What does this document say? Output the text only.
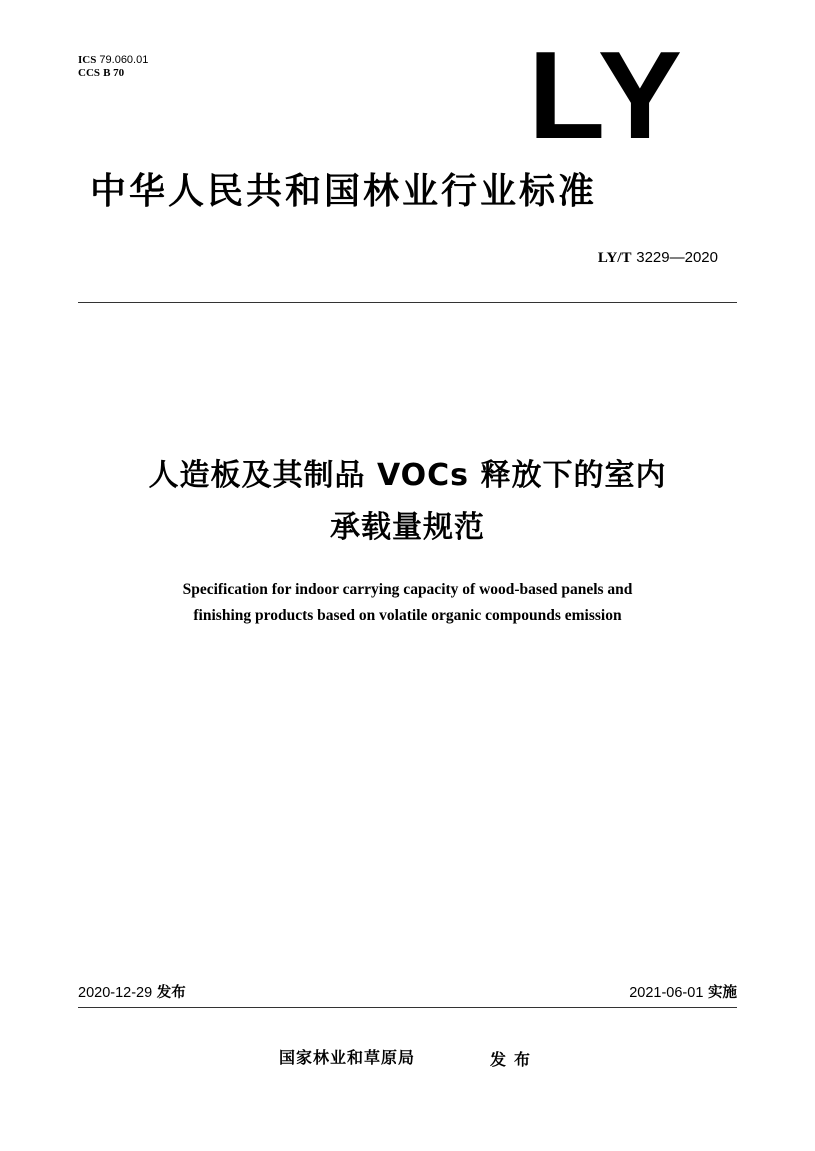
ICS 79.060.01
CCS B 70	LY
中华人民共和国林业行业标准
LY/T 3229—2020
人造板及其制品 VOCs 释放下的室内
承载量规范
Specification for indoor carrying capacity of wood-based panels and
finishing products based on volatile organic compounds emission
2020-12-29 发布	2021-06-01 实施
国家林业和草原局	发布
